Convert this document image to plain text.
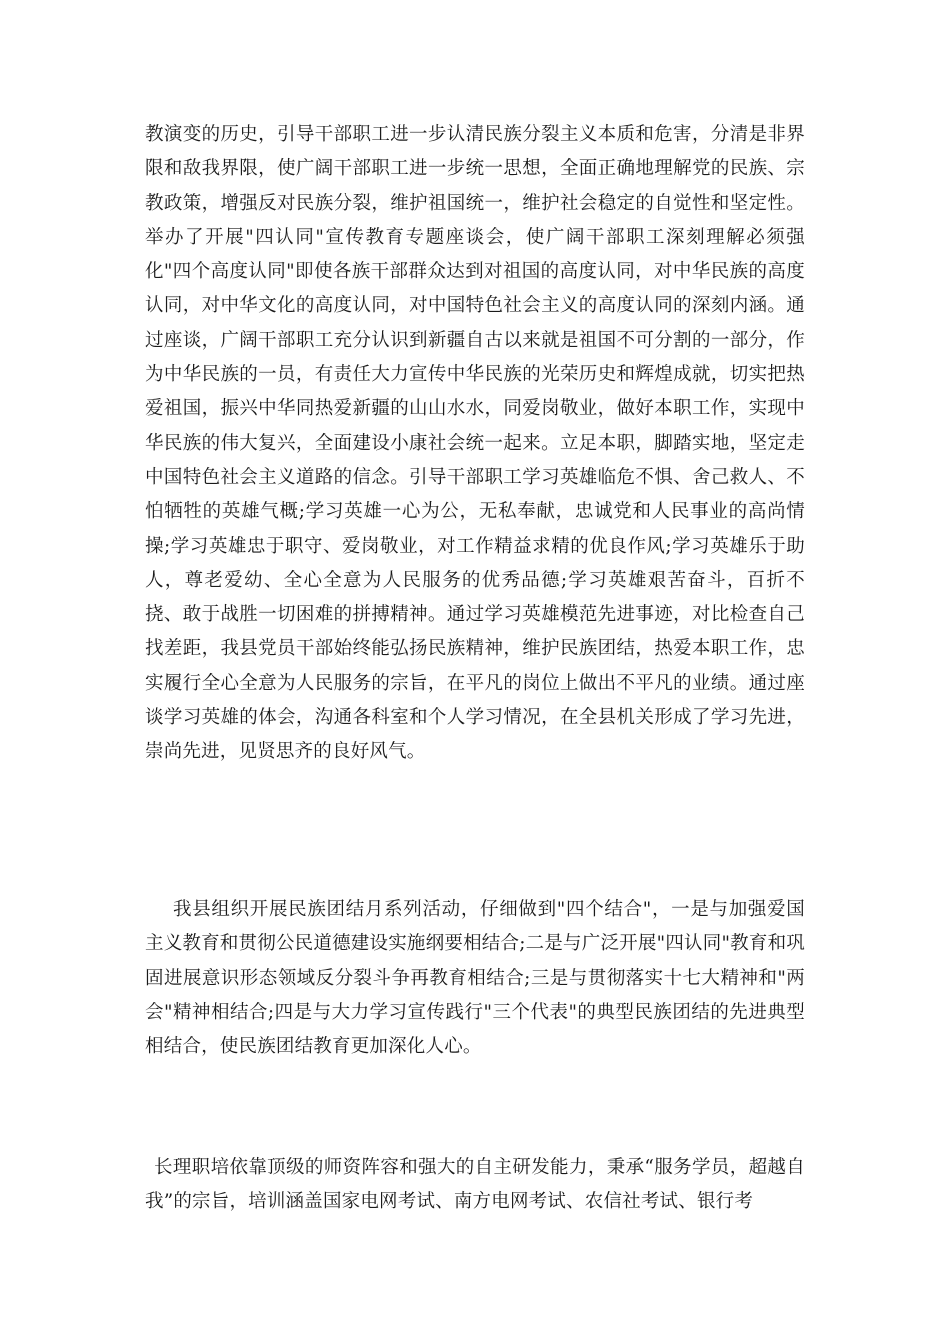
教演变的历史，引导干部职工进一步认清民族分裂主义本质和危害，分清是非界限和敌我界限，使广阔干部职工进一步统一思想，全面正确地理解党的民族、宗教政策，增强反对民族分裂，维护祖国统一，维护社会稳定的自觉性和坚定性。举办了开展"四认同"宣传教育专题座谈会，使广阔干部职工深刻理解必须强化"四个高度认同"即使各族干部群众达到对祖国的高度认同，对中华民族的高度认同，对中华文化的高度认同，对中国特色社会主义的高度认同的深刻内涵。通过座谈，广阔干部职工充分认识到新疆自古以来就是祖国不可分割的一部分，作为中华民族的一员，有责任大力宣传中华民族的光荣历史和辉煌成就，切实把热爱祖国，振兴中华同热爱新疆的山山水水，同爱岗敬业，做好本职工作，实现中华民族的伟大复兴，全面建设小康社会统一起来。立足本职，脚踏实地，坚定走中国特色社会主义道路的信念。引导干部职工学习英雄临危不惧、舍己救人、不怕牺牲的英雄气概;学习英雄一心为公，无私奉献，忠诚党和人民事业的高尚情操;学习英雄忠于职守、爱岗敬业，对工作精益求精的优良作风;学习英雄乐于助人，尊老爱幼、全心全意为人民服务的优秀品德;学习英雄艰苦奋斗，百折不挠、敢于战胜一切困难的拼搏精神。通过学习英雄模范先进事迹，对比检查自己找差距，我县党员干部始终能弘扬民族精神，维护民族团结，热爱本职工作，忠实履行全心全意为人民服务的宗旨，在平凡的岗位上做出不平凡的业绩。通过座谈学习英雄的体会，沟通各科室和个人学习情况，在全县机关形成了学习先进，崇尚先进，见贤思齐的良好风气。

我县组织开展民族团结月系列活动，仔细做到"四个结合"，一是与加强爱国主义教育和贯彻公民道德建设实施纲要相结合;二是与广泛开展"四认同"教育和巩固进展意识形态领域反分裂斗争再教育相结合;三是与贯彻落实十七大精神和"两会"精神相结合;四是与大力学习宣传践行"三个代表"的典型民族团结的先进典型相结合，使民族团结教育更加深化人心。

长理职培依靠顶级的师资阵容和强大的自主研发能力，秉承“服务学员，超越自我”的宗旨，培训涵盖国家电网考试、南方电网考试、农信社考试、银行考
